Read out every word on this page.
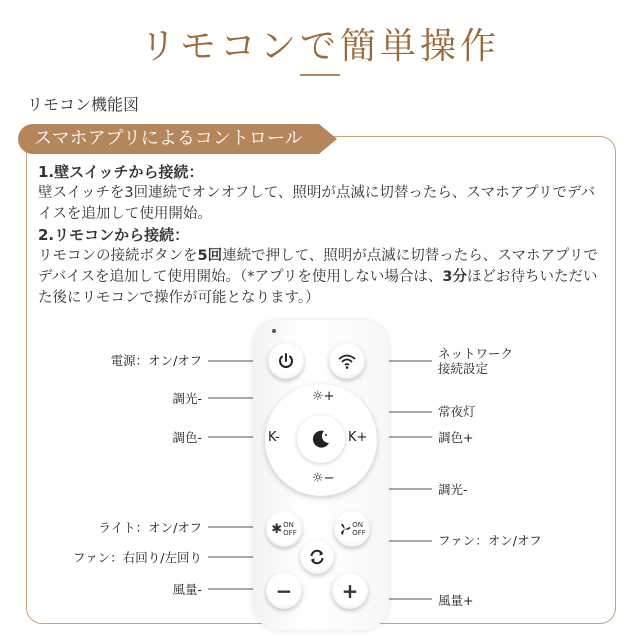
リモコンで簡単操作

リモコン機能図

スマホアプリによるコントロール

1.壁スイッチから接続：

壁スイッチを3回連続でオンオフして、照明が点滅に切替ったら、スマホアプリでデバイスを追加して使用開始。

2.リモコンから接続：

リモコンの接続ボタンを5回連続で押して、照明が点滅に切替ったら、スマホアプリでデバイスを追加して使用開始。（*アプリを使用しない場合は、3分ほどお待ちいただいた後にリモコンで操作が可能となります。）

☼+
K-	K+
☼−
✱ ON
OFF
ON
OFF
−	+
電源：オン/オフ	ネットワーク
接続設定
調光-
常夜灯
調色-	調色+
調光-
ライト：オン/オフ
ファン：オン/オフ
ファン：右回り/左回り
風量-
風量+
